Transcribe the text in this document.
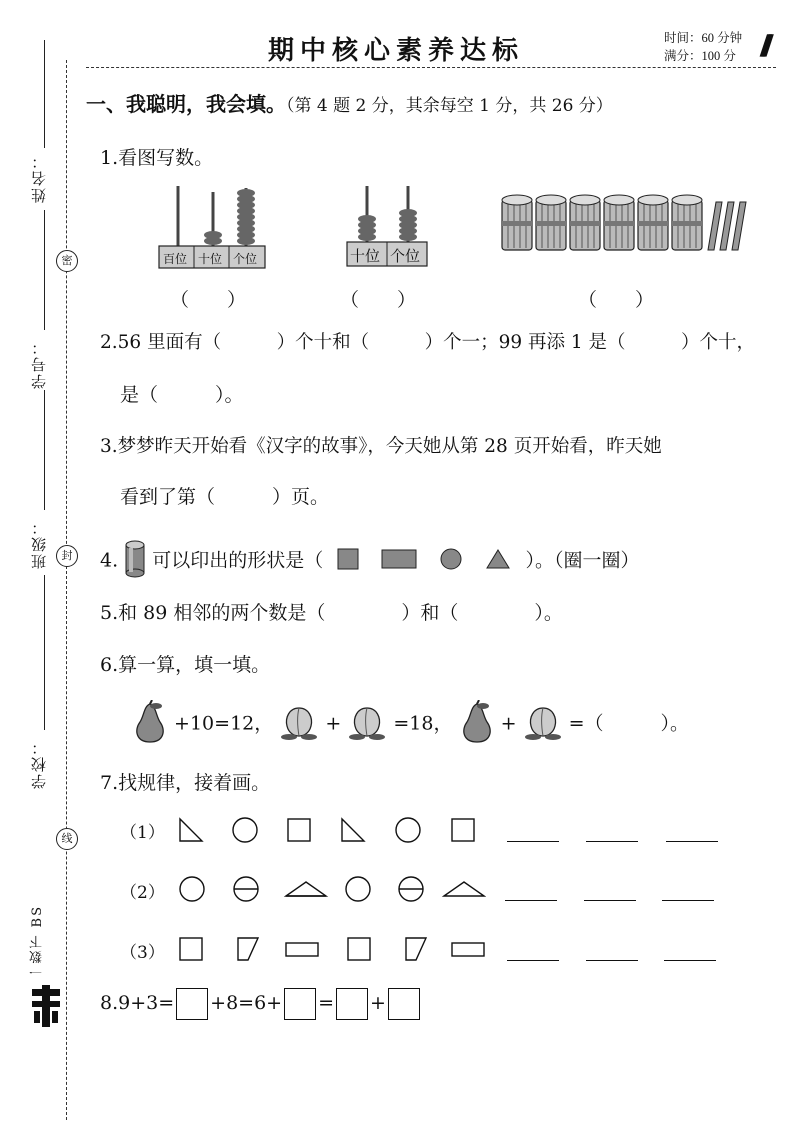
姓名：
密
学号：
班级：	封
学校：
线
一数下 BS
期中核心素养达标	时间：60 分钟
满分：100 分 ///
一、我聪明，我会填。（第 4 题 2 分，其余每空 1 分，共 26 分）
1.看图写数。
百位 十位 个位	十位 个位
（　　）	（　　）	（　　）
2.56 里面有（　　　）个十和（　　　）个一；99 再添 1 是（　　　）个十，
是（　　　）。
3.梦梦昨天开始看《汉字的故事》，今天她从第 28 页开始看，昨天她
看到了第（　　　）页。
4. 可以印出的形状是（	）。（圈一圈）
5.和 89 相邻的两个数是（　　　　）和（　　　　）。
6.算一算，填一填。
+10=12，	+	=18，	+	=（　　　）。
7.找规律，接着画。
（1）
（2）
（3）
8.9+3= +8=6+ = +
